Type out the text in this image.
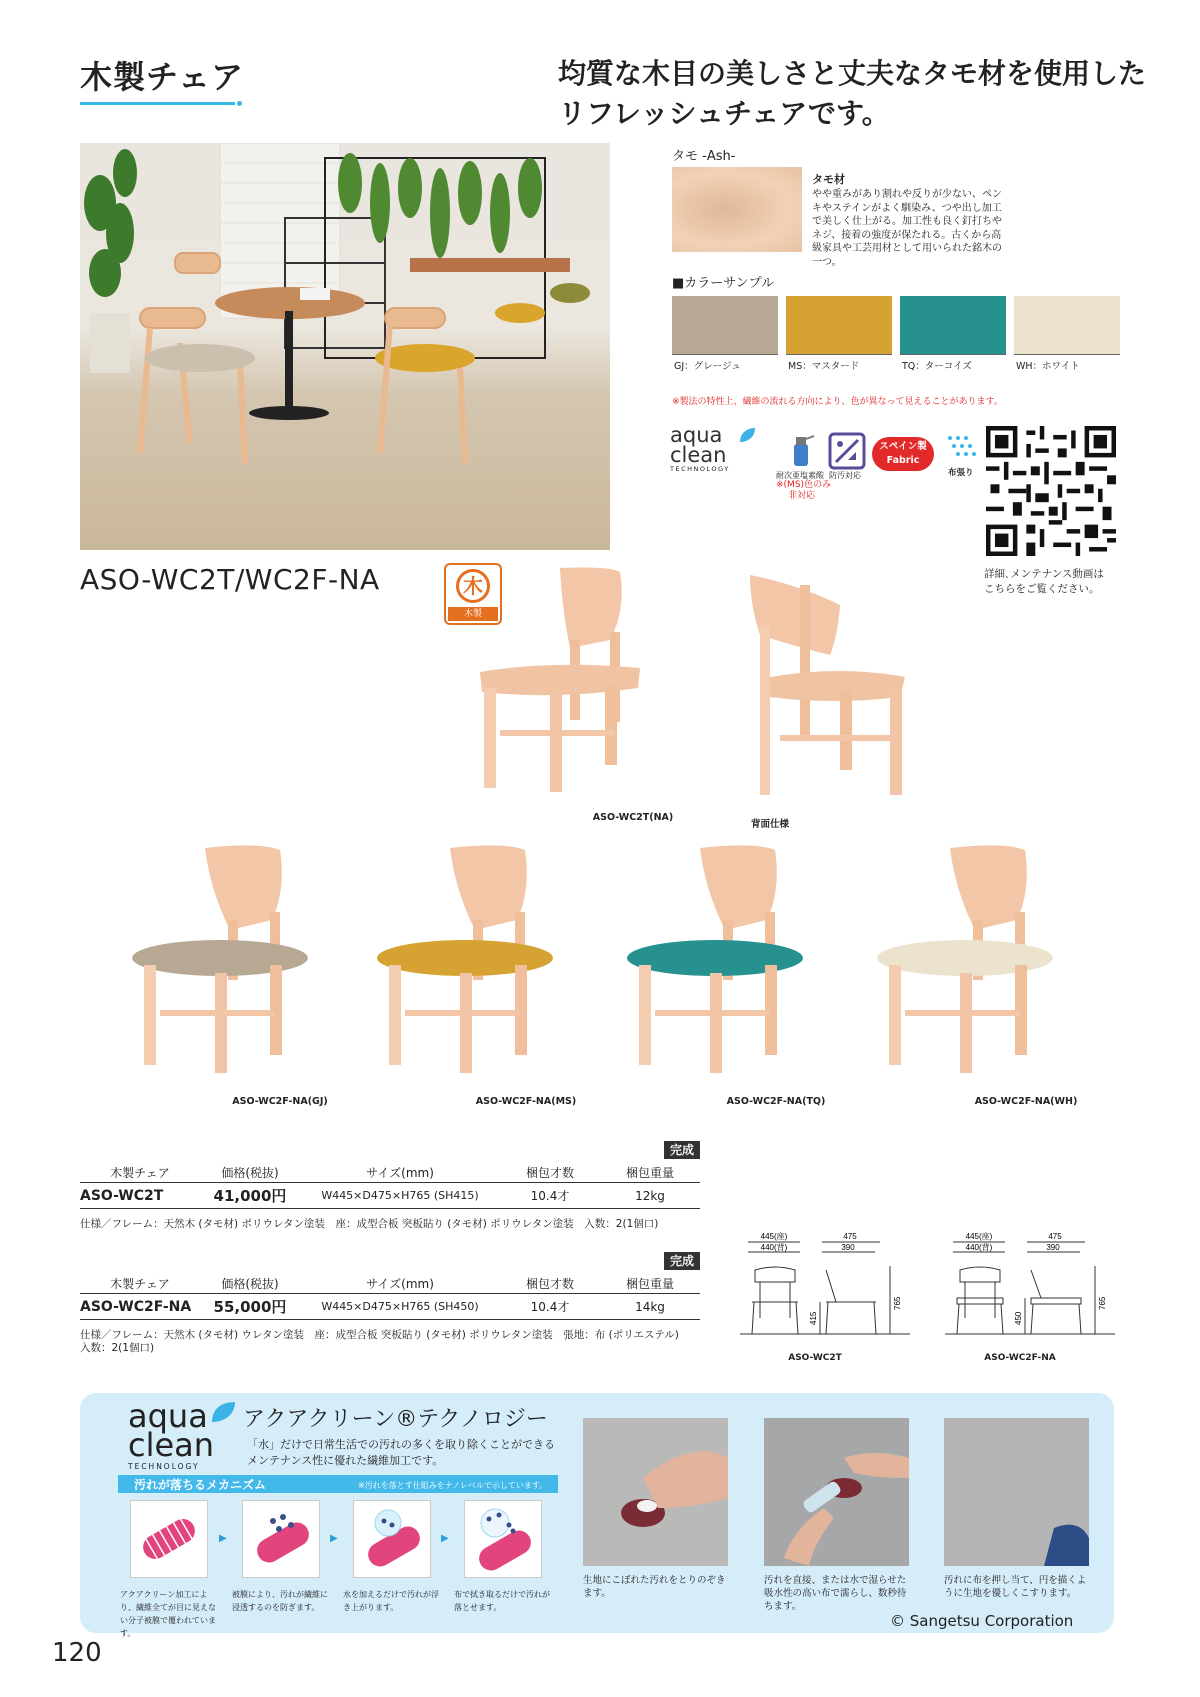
木製チェア	均質な木目の美しさと丈夫なタモ材を使用した
リフレッシュチェアです。
タモ -Ash-
タモ材
やや重みがあり割れや反りが少ない、ペンキやステインがよく馴染み、つや出し加工で美しく仕上がる。加工性も良く釘打ちやネジ、接着の強度が保たれる。古くから高級家具や工芸用材として用いられた銘木の一つ。
■カラーサンプル
GJ：グレージュ	MS：マスタード	TQ：ターコイズ	WH：ホワイト
※製法の特性上、繊維の流れる方向により、色が異なって見えることがあります。
aqua
clean
TECHNOLOGY
耐次亜塩素酸 防汚対応
※(MS)色のみ
非対応
スペイン製
Fabric
布張り
詳細､メンテナンス動画は
こちらをご覧ください。
ASO-WC2T/WC2F-NA	木
木製
ASO-WC2T(NA)
背面仕様
ASO-WC2F-NA(GJ)	ASO-WC2F-NA(MS)	ASO-WC2F-NA(TQ)	ASO-WC2F-NA(WH)
完成
木製チェア	価格(税抜)	サイズ(mm)	梱包才数	梱包重量
ASO-WC2T	41,000円	W445×D475×H765 (SH415)	10.4才	12kg
仕様／フレーム：天然木 (タモ材) ポリウレタン塗装　座：成型合板 突板貼り (タモ材) ポリウレタン塗装　入数：2(1個口)
完成
木製チェア	価格(税抜)	サイズ(mm)	梱包才数	梱包重量
ASO-WC2F-NA	55,000円	W445×D475×H765 (SH450)	10.4才	14kg
仕様／フレーム：天然木 (タモ材) ウレタン塗装　座：成型合板 突板貼り (タモ材) ポリウレタン塗装　張地：布 (ポリエステル)
入数：2(1個口)
445(座)
440(背)
475
390
415
765
ASO-WC2T
445(座)
440(背)
475
390
450
765
ASO-WC2F-NA
aqua
clean
TECHNOLOGY
アクアクリーン®テクノロジー
「水」だけで日常生活での汚れの多くを取り除くことができる
メンテナンス性に優れた繊維加工です。
汚れが落ちるメカニズム	※汚れを落とす仕組みをナノレベルで示しています。
▶	▶	▶
アクアクリーン加工により、繊維全てが目に見えない分子被膜で覆われています。
被膜により、汚れが繊維に浸透するのを防ぎます。
水を加えるだけで汚れが浮き上がります。
布で拭き取るだけで汚れが落とせます。
生地にこぼれた汚れをとりのぞきます。
汚れを直接、または水で湿らせた吸水性の高い布で濡らし、数秒待ちます。
汚れに布を押し当て、円を描くように生地を優しくこすります。
© Sangetsu Corporation
120
